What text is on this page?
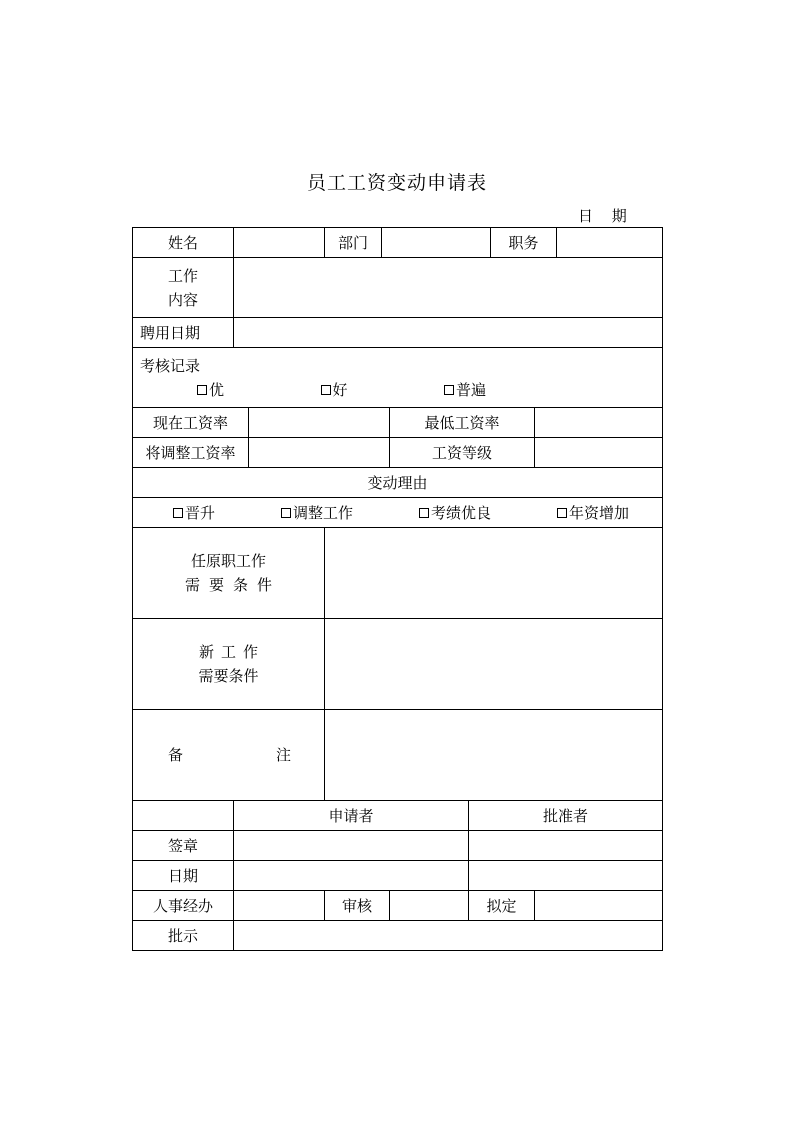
员工工资变动申请表
日 期
姓名			部门				职务		

工作
内容									

聘用日期									

考核记录
优 好 普遍									

现在工资率					最低工资率				
将调整工资率					工资等级				
变动理由									

晋升 调整工作 考绩优良 年资增加									

任原职工作
需要条件									

新工作
需要条件									

备 注									

	申请者					批准者			
签章									
日期									
人事经办			审核			拟定			
批示									
